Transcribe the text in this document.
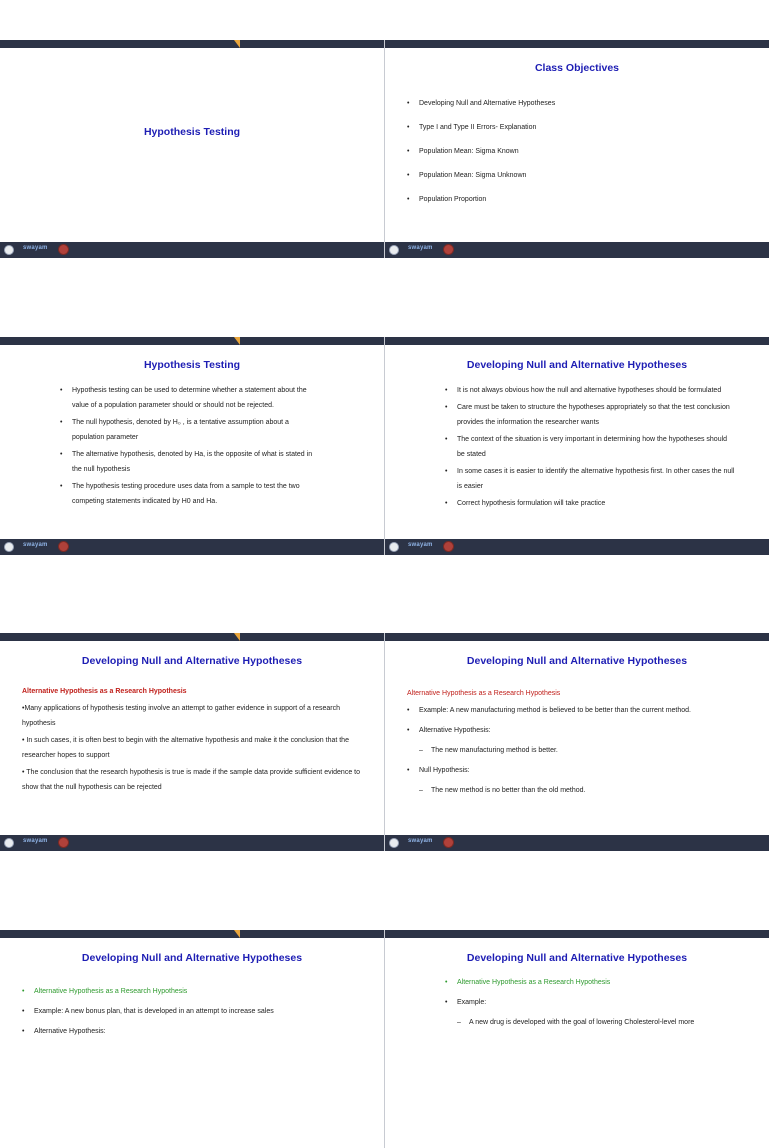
Hypothesis Testing
swayam
Class Objectives
• Developing Null and Alternative Hypotheses
• Type I and Type II Errors- Explanation
• Population Mean: Sigma Known
• Population Mean: Sigma Unknown
• Population Proportion
swayam
Hypothesis Testing
• Hypothesis testing can be used to determine whether a statement about the value of a population parameter should or should not be rejected.
• The null hypothesis, denoted by H₀ , is a tentative assumption about a population parameter
• The alternative hypothesis, denoted by Ha, is the opposite of what is stated in the null hypothesis
• The hypothesis testing procedure uses data from a sample to test the two competing statements indicated by H0 and Ha.
swayam
Developing Null and Alternative Hypotheses
• It is not always obvious how the null and alternative hypotheses should be formulated
• Care must be taken to structure the hypotheses appropriately so that the test conclusion provides the information the researcher wants
• The context of the situation is very important in determining how the hypotheses should be stated
• In some cases it is easier to identify the alternative hypothesis first. In other cases the null is easier
• Correct hypothesis formulation will take practice
swayam
Developing Null and Alternative Hypotheses

Alternative Hypothesis as a Research Hypothesis

•Many applications of hypothesis testing involve an attempt to gather evidence in support of a research hypothesis

• In such cases, it is often best to begin with the alternative hypothesis and make it the conclusion that the researcher hopes to support

• The conclusion that the research hypothesis is true is made if the sample data provide sufficient evidence to show that the null hypothesis can be rejected

swayam
Developing Null and Alternative Hypotheses
Alternative Hypothesis as a Research Hypothesis
• Example: A new manufacturing method is believed to be better than the current method.
• Alternative Hypothesis:
– The new manufacturing method is better.
• Null Hypothesis:
– The new method is no better than the old method.
swayam
Developing Null and Alternative Hypotheses
• Alternative Hypothesis as a Research Hypothesis
• Example: A new bonus plan, that is developed in an attempt to increase sales
• Alternative Hypothesis:
Developing Null and Alternative Hypotheses
• Alternative Hypothesis as a Research Hypothesis
• Example:
– A new drug is developed with the goal of lowering Cholesterol-level more
